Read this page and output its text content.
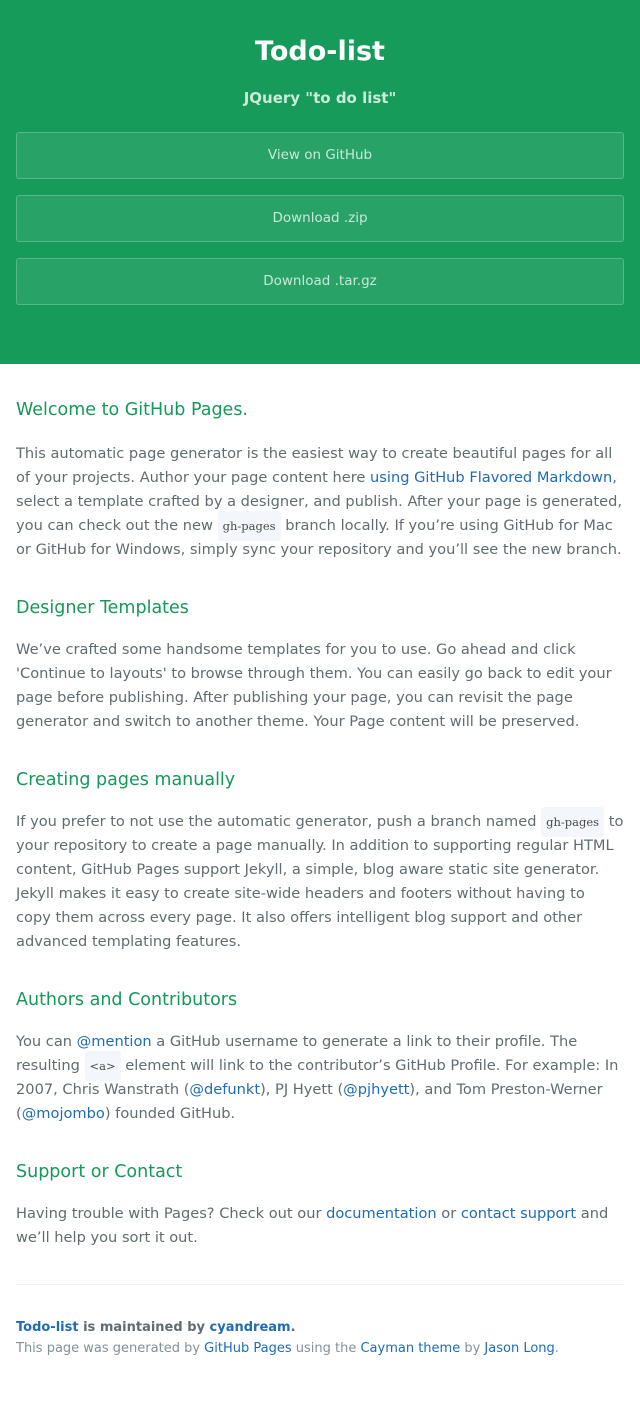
Todo-list
JQuery "to do list"
View on GitHub
Download .zip
Download .tar.gz
Welcome to GitHub Pages.

This automatic page generator is the easiest way to create beautiful pages for all of your projects. Author your page content here using GitHub Flavored Markdown, select a template crafted by a designer, and publish. After your page is generated, you can check out the new gh-pages branch locally. If you’re using GitHub for Mac or GitHub for Windows, simply sync your repository and you’ll see the new branch.

Designer Templates

We’ve crafted some handsome templates for you to use. Go ahead and click 'Continue to layouts' to browse through them. You can easily go back to edit your page before publishing. After publishing your page, you can revisit the page generator and switch to another theme. Your Page content will be preserved.

Creating pages manually

If you prefer to not use the automatic generator, push a branch named gh-pages to your repository to create a page manually. In addition to supporting regular HTML content, GitHub Pages support Jekyll, a simple, blog aware static site generator. Jekyll makes it easy to create site-wide headers and footers without having to copy them across every page. It also offers intelligent blog support and other advanced templating features.

Authors and Contributors

You can @mention a GitHub username to generate a link to their profile. The resulting <a> element will link to the contributor’s GitHub Profile. For example: In 2007, Chris Wanstrath (@defunkt), PJ Hyett (@pjhyett), and Tom Preston-Werner (@mojombo) founded GitHub.

Support or Contact

Having trouble with Pages? Check out our documentation or contact support and we’ll help you sort it out.

Todo-list is maintained by cyandream.
This page was generated by GitHub Pages using the Cayman theme by Jason Long.
